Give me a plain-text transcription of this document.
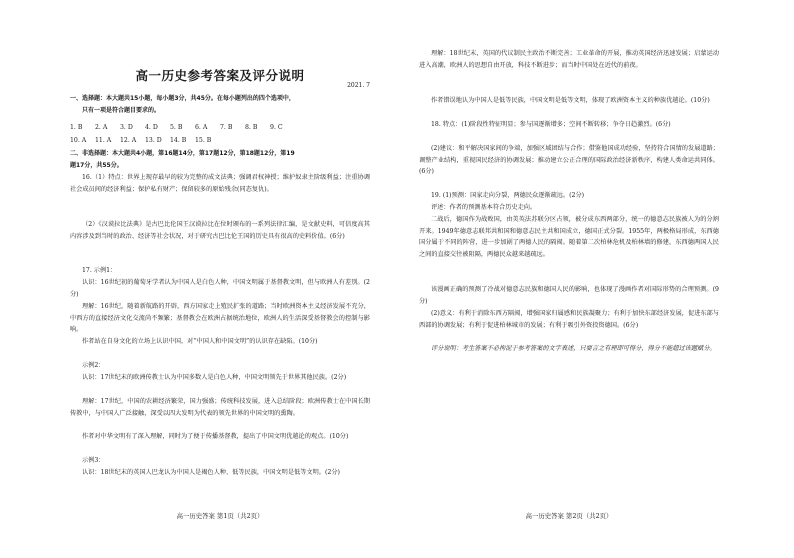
高一历史参考答案及评分说明
2021. 7
一、选择题：本大题共15小题，每小题3分，共45分。在每小题列出的四个选项中，
只有一项是符合题目要求的。
1. B	2. A	3. D	4. D	5. B	6. A	7. B	8. B	9. C
10. A	11. A	12. A	13. D	14. B	15. B
二、非选择题：本大题共4小题，第16题14分，第17题12分，第18题12分，第19
题17分，共55分。
16.（1）特点：世界上现存最早的较为完整的成文法典；强调君权神授；维护奴隶主阶级利益；注重协调社会成员间的经济利益；保护私有财产；保留较多的原始残余(同态复仇)。
（2）《汉谟拉比法典》是古巴比伦国王汉谟拉比在位时颁布的一系列法律汇编，是文献史料，可信度高其内容涉及到当时的政治、经济等社会状况，对于研究古巴比伦王国的历史具有很高的史料价值。(6分)
17. 示例1：
认识：16世纪初的葡萄牙学者认为中国人是白色人种，中国文明属于基督教文明，但与欧洲人有差别。(2分)
理解：16世纪，随着新航路的开辟，西方国家走上殖民扩张的道路；当时欧洲资本主义经济发展不充分，中西方的直接经济文化交流尚不频繁；基督教会在欧洲占据统治地位，欧洲人的生活深受基督教会的控制与影响。
作者站在自身文化的立场上认识中国，对“中国人和中国文明”的认识存在缺陷。(10分)
示例2：
认识：17世纪末的欧洲传教士认为中国多数人是白色人种，中国文明领先于世界其他民族。(2分)
理解：17世纪，中国的农耕经济繁荣，国力强盛；传统科技发展，进入总结阶段；欧洲传教士在中国长期传教中，与中国人广泛接触，深受以四大发明为代表的领先世界的中国文明的熏陶。
作者对中华文明有了深入理解，同时为了便于传播基督教，提出了中国文明优越论的观点。(10分)
示例3：
认识：18世纪末的英国人巴龙认为中国人是褐色人种、低等民族，中国文明是低等文明。(2分)
高一历史答案 第1页（共2页）
理解：18世纪末，英国的代议制民主政治不断完善；工业革命的开展，推动英国经济迅速发展；启蒙运动进入高潮，欧洲人的思想自由开放，科技不断进步；而当时中国处在近代的前夜。
作者错误地认为中国人是低等民族，中国文明是低等文明，体现了欧洲资本主义的种族优越论。(10分)
18. 特点：(1)阶段性特征明显；参与国逐渐增多；空间不断转移；争夺日趋激烈。(6分)
(2)建议：和平解决国家间的争端，加强区域团结与合作；借鉴他国成功经验，坚持符合国情的发展道路；调整产业结构，重视国民经济的协调发展；推动建立公正合理的国际政治经济新秩序，构建人类命运共同体。(6分)
19. (1)预测：国家走向分裂，两德民众逐渐疏远。(2分)
评述：作者的预测基本符合历史走向。
二战后，德国作为战败国，由美英法苏联分区占领，被分成东西两部分，统一的德意志民族被人为的分割开来。1949年德意志联邦共和国和德意志民主共和国成立，德国正式分裂。1955年，两极格局形成，东西德国分属于不同的阵营，进一步加剧了两德人民的隔阂。随着第二次柏林危机及柏林墙的修建，东西德两国人民之间的直接交往被阻隔，两德民众越来越疏远。
该漫画正确的预测了冷战对德意志民族和德国人民的影响，也体现了漫画作者对国际形势的合理预测。(9分)
(2)意义：有利于消除东西方隔阂，增强国家归属感和民族凝聚力；有利于加快东部经济发展，促进东部与西部的协调发展；有利于促进柏林城市的发展；有利于吸引外资投资德国。(6分)
评分说明：考生答案不必拘泥于参考答案的文字表述，只要言之有理即可得分，得分不能超过该题赋分。
高一历史答案 第2页（共2页）
